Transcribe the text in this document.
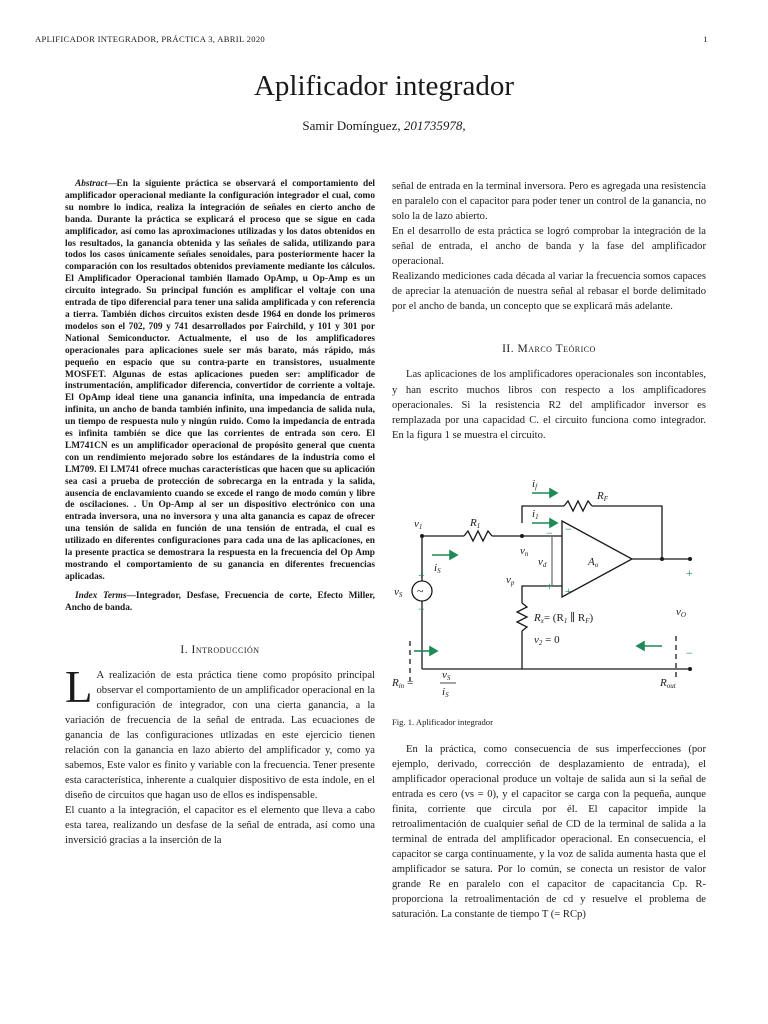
APLIFICADOR INTEGRADOR, PRÁCTICA 3, ABRIL 2020	1
Aplificador integrador
Samir Domínguez, 201735978,

Abstract—En la siguiente práctica se observará el comportamiento del amplificador operacional mediante la configuración integrador el cual, como su nombre lo indica, realiza la integración de señales en cierto ancho de banda. Durante la práctica se explicará el proceso que se sigue en cada amplificador, así como las aproximaciones utilizadas y los datos obtenidos en los resultados, la ganancia obtenida y las señales de salida, utilizando para todos los casos únicamente señales senoidales, para posteriormente hacer la comparación con los resultados obtenidos previamente mediante los cálculos. El Amplificador Operacional también llamado OpAmp, u Op-Amp es un circuito integrado. Su principal función es amplificar el voltaje con una entrada de tipo diferencial para tener una salida amplificada y con referencia a tierra. También dichos circuitos existen desde 1964 en donde los primeros modelos son el 702, 709 y 741 desarrollados por Fairchild, y 101 y 301 por National Semiconductor. Actualmente, el uso de los amplificadores operacionales para aplicaciones suele ser más barato, más rápido, más pequeño en espacio que su contra-parte en transistores, usualmente MOSFET. Algunas de estas aplicaciones pueden ser: amplificador de instrumentación, amplificador diferencia, convertidor de corriente a voltaje. El OpAmp ideal tiene una ganancia infinita, una impedancia de entrada infinita, un ancho de banda también infinito, una impedancia de salida nula, un tiempo de respuesta nulo y ningún ruido. Como la impedancia de entrada es infinita también se dice que las corrientes de entrada son cero. El LM741CN es un amplificador operacional de propósito general que cuenta con un rendimiento mejorado sobre los estándares de la industria como el LM709. El LM741 ofrece muchas características que hacen que su aplicación sea casi a prueba de protección de sobrecarga en la entrada y la salida, ausencia de enclavamiento cuando se excede el rango de modo común y libre de oscilaciones. . Un Op-Amp al ser un dispositivo electrónico con una entrada inversora, una no inversora y una alta ganancia es capaz de ofrecer una tensión de salida en función de una tensión de entrada, el cual es utilizado en diferentes configuraciones para cada una de las aplicaciones, en la presente practica se demostrara la respuesta en la frecuencia del Op Amp mostrando el comportamiento de su ganancia en diferentes frecuencias aplicadas.

Index Terms—Integrador, Desfase, Frecuencia de corte, Efecto Miller, Ancho de banda.

I. Introducción

L A realización de esta práctica tiene como propósito principal observar el comportamiento de un amplificador operacional en la configuración de integrador, con una cierta ganancia, a la variación de frecuencia de la señal de entrada. Las ecuaciones de ganancia de las configuraciones utlizadas en este ejercicio tienen relación con la ganancia en lazo abierto del amplificador y, como ya sabemos, Este valor es finito y variable con la frecuencia. Tener presente esta característica, inherente a cualquier dispositivo de esta índole, en el diseño de circuitos que hagan uso de ellos es indispensable.

El cuanto a la integración, el capacitor es el elemento que lleva a cabo esta tarea, realizando un desfase de la señal de entrada, así como una inversició gracias a la inserción de la

señal de entrada en la terminal inversora. Pero es agregada una resistencia en paralelo con el capacitor para poder tener un control de la ganancia, no solo la de lazo abierto.

En el desarrollo de esta práctica se logró comprobar la integración de la señal de entrada, el ancho de banda y la fase del amplificador operacional.

Realizando mediciones cada década al variar la frecuencia somos capaces de apreciar la atenuación de nuestra señal al rebasar el borde delimitado por el ancho de banda, un concepto que se explicará más adelante.

II. Marco Teórico

Las aplicaciones de los amplificadores operacionales son incontables, y han escrito muchos libros con respecto a los amplificadores operacionales. Si la resistencia R2 del amplificador inversor es remplazada por una capacidad C. el circuito funciona como integrador. En la figura 1 se muestra el circuito.

if
RF
R1
i1
v1
iS
vn
vd	Ao
vp
vS
vO
Rx= (R1 ∥ RF)
v2 = 0
Rin =
vS
iS
Rout
−
+
−
+
+
−
+
−
~
Fig. 1. Aplificador integrador

En la práctica, como consecuencia de sus imperfecciones (por ejemplo, derivado, corrección de desplazamiento de entrada), el amplificador operacional produce un voltaje de salida aun si la señal de entrada es cero (vs = 0), y el capacitor se carga con la pequeña, aunque finita, corriente que circula por él. El capacitor impide la retroalimentación de cualquier señal de CD de la terminal de salida a la terminal de entrada del amplificador operacional. En consecuencia, el capacitor se carga continuamente, y la voz de salida aumenta hasta que el amplificador se satura. Por lo común, se conecta un resistor de valor grande Re en paralelo con el capacitor de capacitancia Cp. R- proporciona la retroalimentación de cd y resuelve el problema de saturación. La constante de tiempo T (= RCp)
